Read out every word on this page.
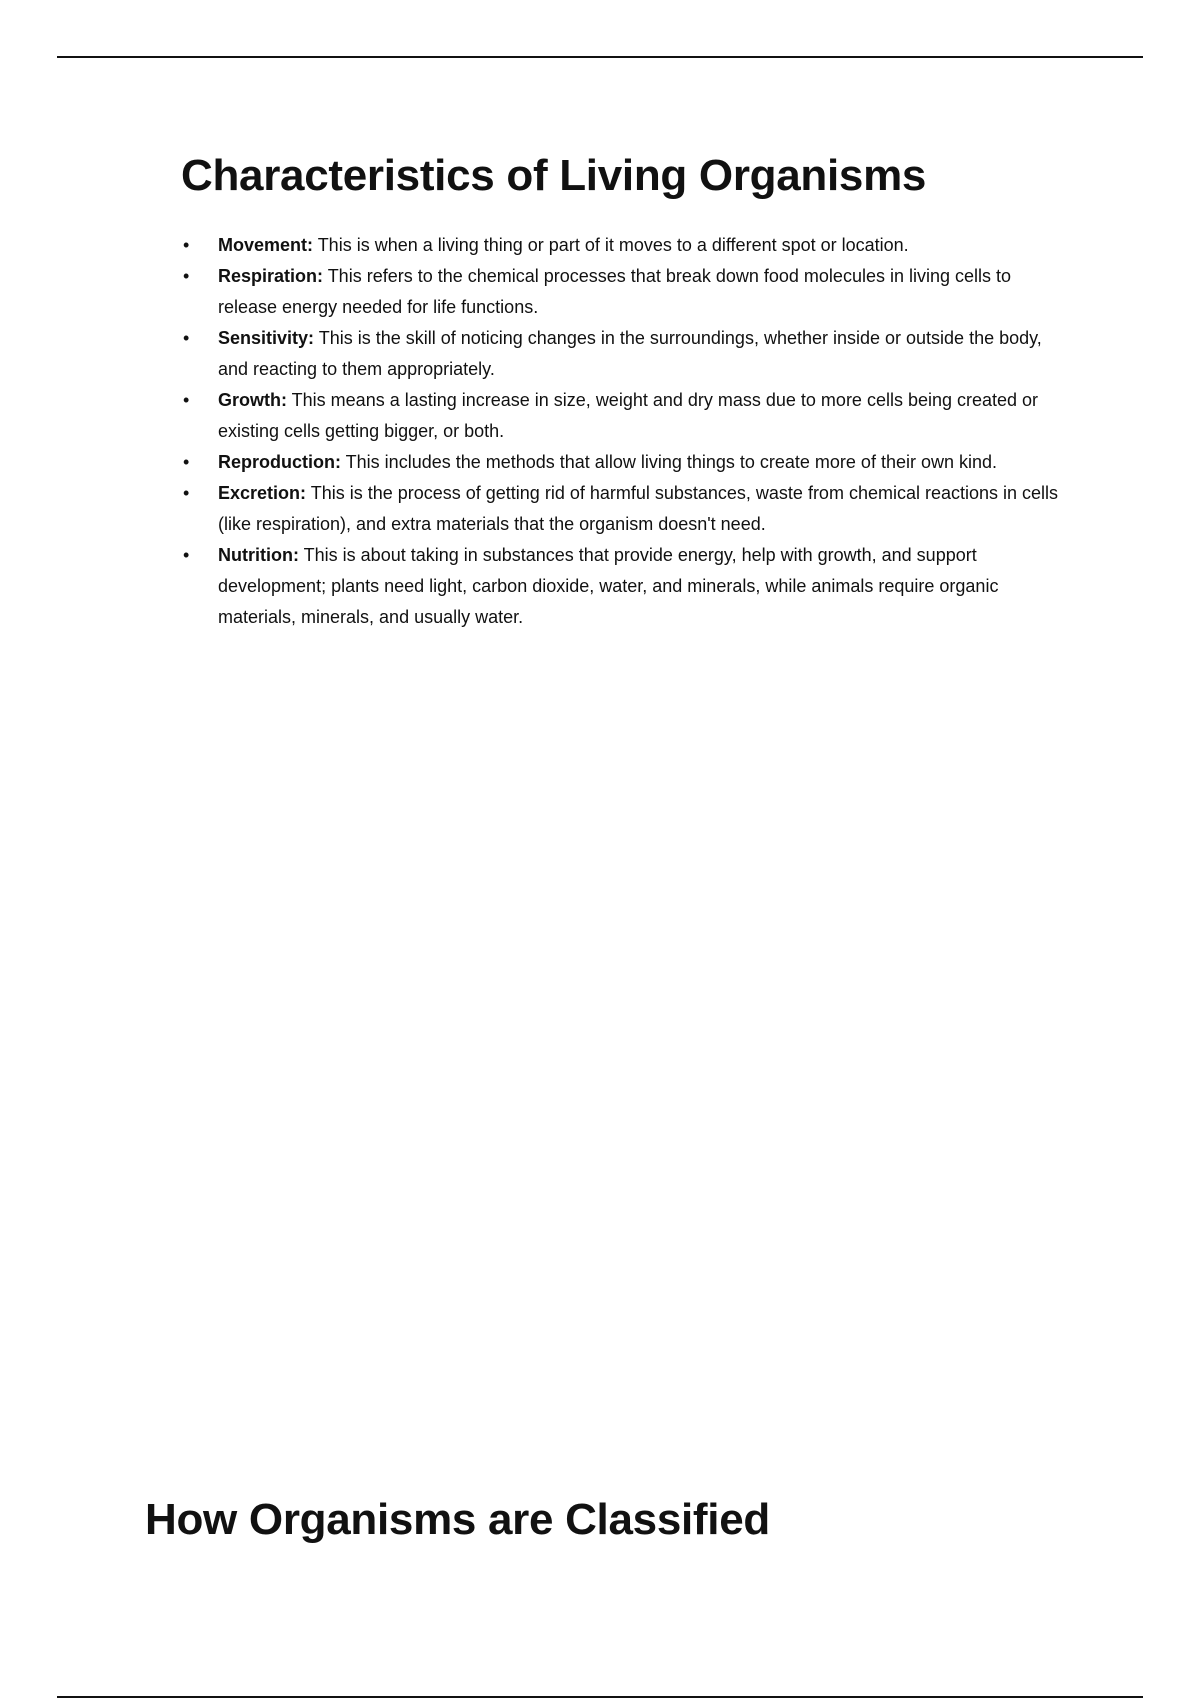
Characteristics of Living Organisms
• Movement: This is when a living thing or part of it moves to a different spot or location.
• Respiration: This refers to the chemical processes that break down food molecules in living cells to release energy needed for life functions.
• Sensitivity: This is the skill of noticing changes in the surroundings, whether inside or outside the body, and reacting to them appropriately.
• Growth: This means a lasting increase in size, weight and dry mass due to more cells being created or existing cells getting bigger, or both.
• Reproduction: This includes the methods that allow living things to create more of their own kind.
• Excretion: This is the process of getting rid of harmful substances, waste from chemical reactions in cells (like respiration), and extra materials that the organism doesn't need.
• Nutrition: This is about taking in substances that provide energy, help with growth, and support development; plants need light, carbon dioxide, water, and minerals, while animals require organic materials, minerals, and usually water.
How Organisms are Classified
